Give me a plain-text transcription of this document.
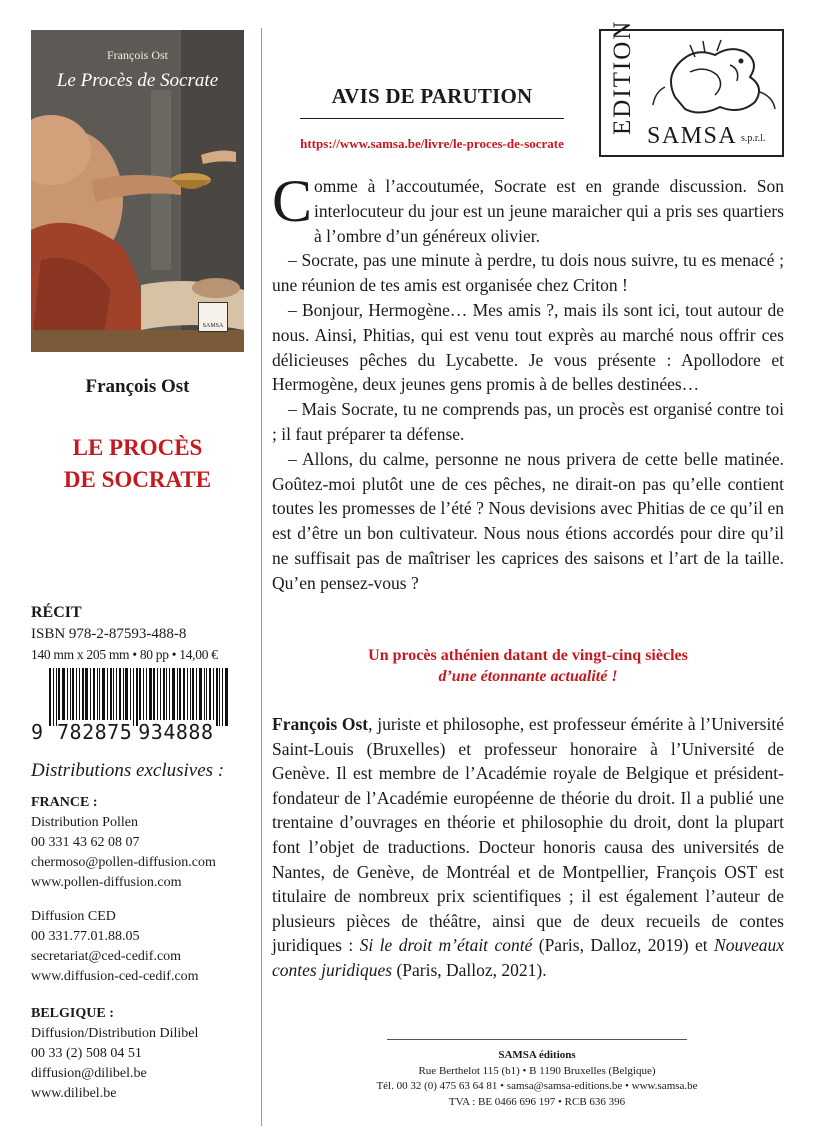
François Ost
Le Procès de Socrate
SAMSA
François Ost
LE PROCÈS
DE SOCRATE
RÉCIT
ISBN 978-2-87593-488-8
140 mm x 205 mm • 80 pp • 14,00 €
9 782875 934888
Distributions exclusives :
FRANCE :
Distribution Pollen
00 331 43 62 08 07
chermoso@pollen-diffusion.com
www.pollen-diffusion.com
Diffusion CED
00 331.77.01.88.05
secretariat@ced-cedif.com
www.diffusion-ced-cedif.com
BELGIQUE :
Diffusion/Distribution Dilibel
00 33 (2) 508 04 51
diffusion@dilibel.be
www.dilibel.be
AVIS DE PARUTION
https://www.samsa.be/livre/le-proces-de-socrate
EDITION
SAMSA s.p.r.l.

Comme à l’accoutumée, Socrate est en grande discussion. Son interlocuteur du jour est un jeune maraicher qui a pris ses quartiers à l’ombre d’un généreux olivier.

– Socrate, pas une minute à perdre, tu dois nous suivre, tu es menacé ; une réunion de tes amis est organisée chez Criton !

– Bonjour, Hermogène… Mes amis ?, mais ils sont ici, tout autour de nous. Ainsi, Phitias, qui est venu tout exprès au marché nous offrir ces délicieuses pêches du Lycabette. Je vous présente : Apollodore et Hermogène, deux jeunes gens promis à de belles destinées…

– Mais Socrate, tu ne comprends pas, un procès est organisé contre toi ; il faut préparer ta défense.

– Allons, du calme, personne ne nous privera de cette belle matinée. Goûtez-moi plutôt une de ces pêches, ne dirait-on pas qu’elle contient toutes les promesses de l’été ? Nous devisions avec Phitias de ce qu’il en est d’être un bon cultivateur. Nous nous étions accordés pour dire qu’il ne suffisait pas de maîtriser les caprices des saisons et l’art de la taille. Qu’en pensez-vous ?

Un procès athénien datant de vingt-cinq siècles
d’une étonnante actualité !
François Ost, juriste et philosophe, est professeur émérite à l’Université Saint-Louis (Bruxelles) et professeur honoraire à l’Université de Genève. Il est membre de l’Académie royale de Belgique et président-fondateur de l’Académie européenne de théorie du droit. Il a publié une trentaine d’ouvrages en théorie et philosophie du droit, dont la plupart font l’objet de traductions. Docteur honoris causa des universités de Nantes, de Genève, de Montréal et de Montpellier, François OST est titulaire de nombreux prix scientifiques ; il est également l’auteur de plusieurs pièces de théâtre, ainsi que de deux recueils de contes juridiques : Si le droit m’était conté (Paris, Dalloz, 2019) et Nouveaux contes juridiques (Paris, Dalloz, 2021).
SAMSA éditions
Rue Berthelot 115 (b1) • B 1190 Bruxelles (Belgique)
Tél. 00 32 (0) 475 63 64 81 • samsa@samsa-editions.be • www.samsa.be
TVA : BE 0466 696 197 • RCB 636 396
